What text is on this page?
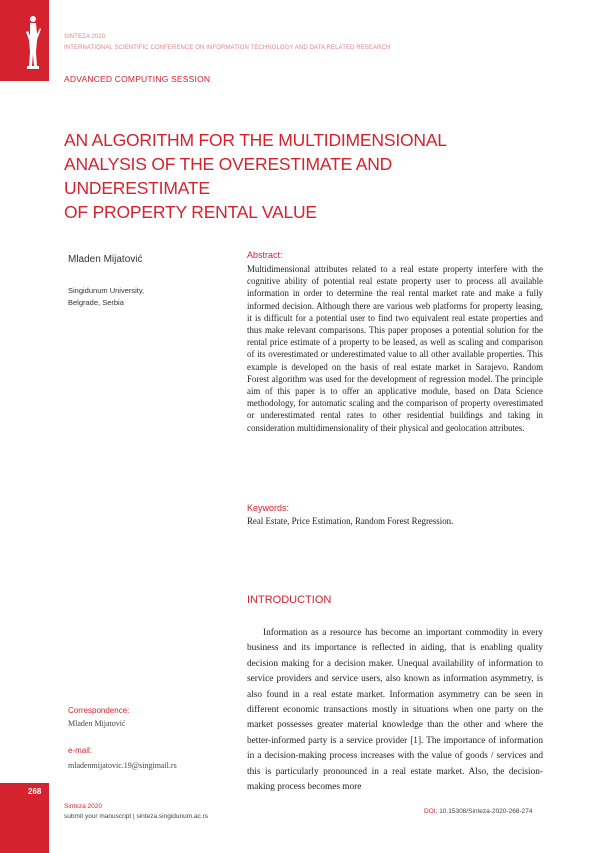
SINTEZA 2020
INTERNATIONAL SCIENTIFIC CONFERENCE ON INFORMATION TECHNOLOGY AND DATA RELATED RESEARCH
ADVANCED COMPUTING SESSION
AN ALGORITHM FOR THE MULTIDIMENSIONAL
ANALYSIS OF THE OVERESTIMATE AND UNDERESTIMATE
OF PROPERTY RENTAL VALUE
Mladen Mijatović
Singidunum University,
Belgrade, Serbia
Abstract:
Multidimensional attributes related to a real estate property interfere with the cognitive ability of potential real estate property user to process all available information in order to determine the real rental market rate and make a fully informed decision. Although there are various web platforms for property leasing, it is difficult for a potential user to find two equivalent real estate properties and thus make relevant comparisons. This paper proposes a potential solution for the rental price estimate of a property to be leased, as well as scaling and comparison of its overestimated or underestimated value to all other available properties. This example is developed on the basis of real estate market in Sarajevo. Random Forest algorithm was used for the development of regression model. The principle aim of this paper is to offer an applicative module, based on Data Science methodology, for automatic scaling and the comparison of property overestimated or underestimated rental rates to other residential buildings and taking in consideration multidimensionality of their physical and geolocation attributes.
Keywords:
Real Estate, Price Estimation, Random Forest Regression.
INTRODUCTION
Information as a resource has become an important commodity in every business and its importance is reflected in aiding, that is enabling quality decision making for a decision maker. Unequal availability of information to service providers and service users, also known as information asymmetry, is also found in a real estate market. Information asymmetry can be seen in different economic transactions mostly in situations when one party on the market possesses greater material knowledge than the other and where the better-informed party is a service provider [1]. The importance of information in a decision-making process increases with the value of goods / services and this is particularly pronounced in a real estate market. Also, the decision-making process becomes more
Correspondence:
Mladen Mijatović
e-mail:
mladenmijatovic.19@singimail.rs
268
Sinteza 2020
submit your manuscript | sinteza.singidunum.ac.rs
DOI: 10.15308/Sinteza-2020-268-274
